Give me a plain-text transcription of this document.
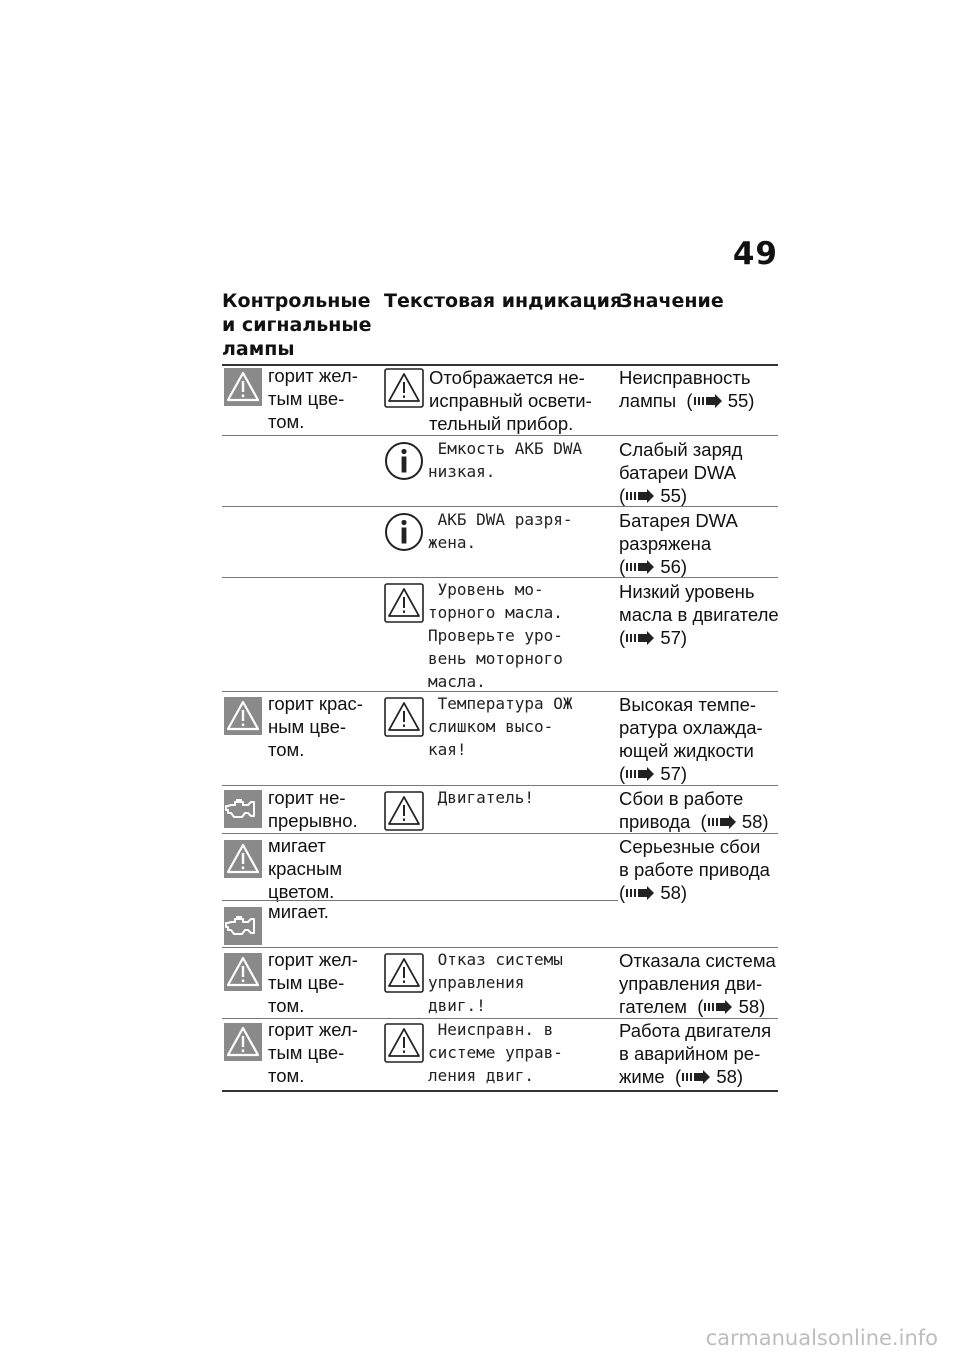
49
Контрольные
и сигнальные
лампы
Текстовая индикация
Значение
горит жел-
тым цве-
том.
Отображается не-
исправный освети-
тельный прибор.
Неисправность
лампы  ( 55)
Емкость АКБ DWA
низкая.
Слабый заряд
батареи DWA
( 55)
АКБ DWA разря-
жена.
Батарея DWA
разряжена
( 56)
Уровень мо-
торного масла.
Проверьте уро-
вень моторного
масла.
Низкий уровень
масла в двигателе
( 57)
горит крас-
ным цве-
том.
Температура ОЖ
слишком высо-
кая!
Высокая темпе-
ратура охлажда-
ющей жидкости
( 57)
горит не-
прерывно.
Двигатель!	Сбои в работе
привода  ( 58)
мигает
красным
цветом.
Серьезные сбои
в работе привода
( 58)
мигает.
горит жел-
тым цве-
том.
Отказ системы
управления
двиг.!
Отказала система
управления дви-
гателем  ( 58)
горит жел-
тым цве-
том.
Неисправн. в
системе управ-
ления двиг.
Работа двигателя
в аварийном ре-
жиме  ( 58)
carmanualsonline.info
